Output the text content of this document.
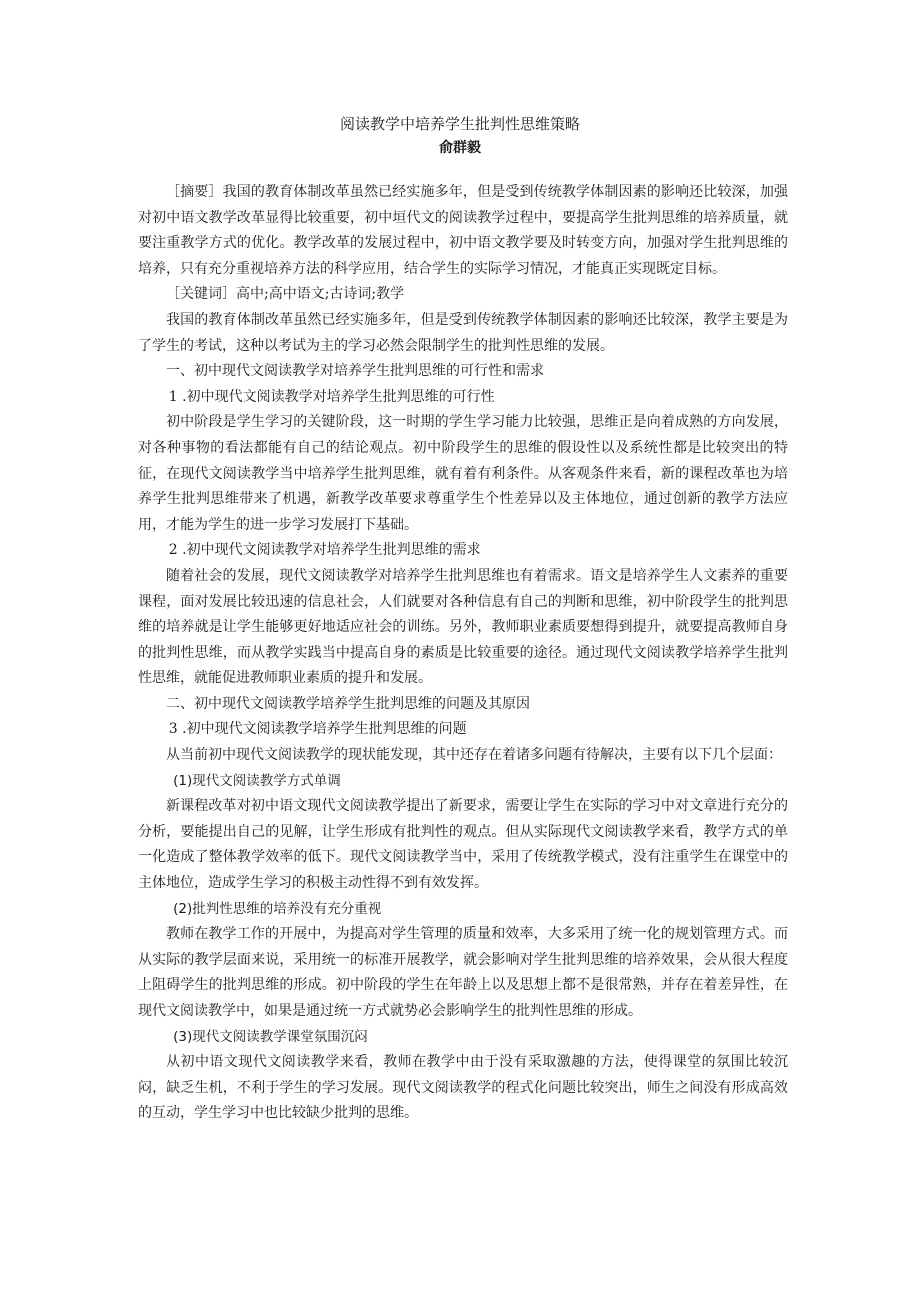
阅读教学中培养学生批判性思维策略
俞群毅

［摘要］我国的教育体制改革虽然已经实施多年，但是受到传统教学体制因素的影响还比较深，加强对初中语文教学改革显得比较重要，初中垣代文的阅读教学过程中，要提高学生批判思维的培养质量，就要注重教学方式的优化。教学改革的发展过程中，初中语文教学要及时转变方向，加强对学生批判思维的培养，只有充分重视培养方法的科学应用，结合学生的实际学习情况，才能真正实现既定目标。

［关键词］高中;高中语文;古诗词;教学

我国的教育体制改革虽然已经实施多年，但是受到传统教学体制因素的影响还比较深，教学主要是为了学生的考试，这种以考试为主的学习必然会限制学生的批判性思维的发展。

一、初中现代文阅读教学对培养学生批判思维的可行性和需求

1 .初中现代文阅读教学对培养学生批判思维的可行性

初中阶段是学生学习的关键阶段，这一时期的学生学习能力比较强，思维正是向着成熟的方向发展，对各种事物的看法都能有自己的结论观点。初中阶段学生的思维的假设性以及系统性都是比较突出的特征，在现代文阅读教学当中培养学生批判思维，就有着有利条件。从客观条件来看，新的课程改革也为培养学生批判思维带来了机遇，新教学改革要求尊重学生个性差异以及主体地位，通过创新的教学方法应用，才能为学生的进一步学习发展打下基础。

2 .初中现代文阅读教学对培养学生批判思维的需求

随着社会的发展，现代文阅读教学对培养学生批判思维也有着需求。语文是培养学生人文素养的重要课程，面对发展比较迅速的信息社会，人们就要对各种信息有自己的判断和思维，初中阶段学生的批判思维的培养就是让学生能够更好地适应社会的训练。另外，教师职业素质要想得到提升，就要提高教师自身的批判性思维，而从教学实践当中提高自身的素质是比较重要的途径。通过现代文阅读教学培养学生批判性思维，就能促进教师职业素质的提升和发展。

二、初中现代文阅读教学培养学生批判思维的问题及其原因

3 .初中现代文阅读教学培养学生批判思维的问题

从当前初中现代文阅读教学的现状能发现，其中还存在着诸多问题有待解决，主要有以下几个层面：

(1)现代文阅读教学方式单调

新课程改革对初中语文现代文阅读教学提出了新要求，需要让学生在实际的学习中对文章进行充分的分析，要能提出自己的见解，让学生形成有批判性的观点。但从实际现代文阅读教学来看，教学方式的单一化造成了整体教学效率的低下。现代文阅读教学当中，采用了传统教学模式，没有注重学生在课堂中的主体地位，造成学生学习的积极主动性得不到有效发挥。

(2)批判性思维的培养没有充分重视

教师在教学工作的开展中，为提高对学生管理的质量和效率，大多采用了统一化的规划管理方式。而从实际的教学层面来说，采用统一的标准开展教学，就会影响对学生批判思维的培养效果，会从很大程度上阻碍学生的批判思维的形成。初中阶段的学生在年龄上以及思想上都不是很常熟，并存在着差异性，在现代文阅读教学中，如果是通过统一方式就势必会影响学生的批判性思维的形成。

(3)现代文阅读教学课堂氛围沉闷

从初中语文现代文阅读教学来看，教师在教学中由于没有采取激趣的方法，使得课堂的氛围比较沉闷，缺乏生机，不利于学生的学习发展。现代文阅读教学的程式化问题比较突出，师生之间没有形成高效的互动，学生学习中也比较缺少批判的思维。
